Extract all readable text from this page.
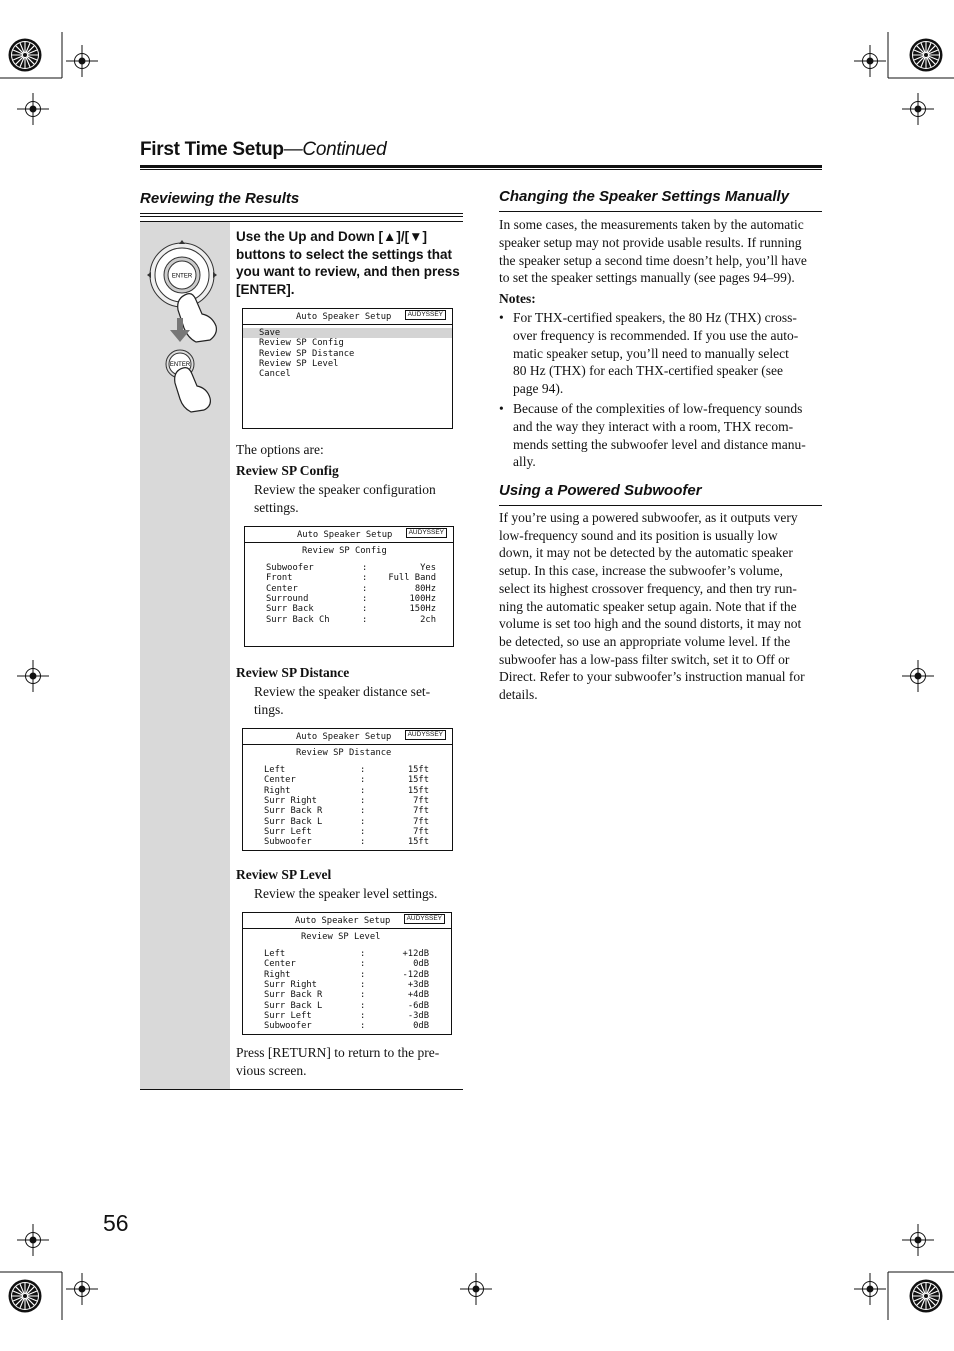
First Time Setup—Continued
Reviewing the Results
ENTER
ENTER
Use the Up and Down [▲]/[▼] buttons to select the settings that you want to review, and then press [ENTER].
Auto Speaker Setup	AUDYSSEY
Save
Review SP Config
Review SP Distance
Review SP Level
Cancel
The options are:
Review SP Config
Review the speaker configuration
settings.
Auto Speaker Setup	AUDYSSEY
Review SP Config
Subwoofer	:	Yes
Front	: Full Band
Center	:	80Hz
Surround	:	100Hz
Surr Back	:	150Hz
Surr Back Ch	:	2ch
Review SP Distance
Review the speaker distance set-
tings.
Auto Speaker Setup	AUDYSSEY
Review SP Distance
Left	:	15ft
Center	:	15ft
Right	:	15ft
Surr Right	:	7ft
Surr Back R	:	7ft
Surr Back L	:	7ft
Surr Left	:	7ft
Subwoofer	:	15ft
Review SP Level
Review the speaker level settings.
Auto Speaker Setup	AUDYSSEY
Review SP Level
Left	:	+12dB
Center	:	0dB
Right	:	-12dB
Surr Right	:	+3dB
Surr Back R	:	+4dB
Surr Back L	:	-6dB
Surr Left	:	-3dB
Subwoofer	:	0dB
Press [RETURN] to return to the pre-
vious screen.
Changing the Speaker Settings Manually
In some cases, the measurements taken by the automatic
speaker setup may not provide usable results. If running
the speaker setup a second time doesn’t help, you’ll have
to set the speaker settings manually (see pages 94–99).
Notes:
• For THX-certified speakers, the 80 Hz (THX) cross-
over frequency is recommended. If you use the auto-
matic speaker setup, you’ll need to manually select
80 Hz (THX) for each THX-certified speaker (see
page 94).
• Because of the complexities of low-frequency sounds
and the way they interact with a room, THX recom-
mends setting the subwoofer level and distance manu-
ally.
Using a Powered Subwoofer
If you’re using a powered subwoofer, as it outputs very
low-frequency sound and its position is usually low
down, it may not be detected by the automatic speaker
setup. In this case, increase the subwoofer’s volume,
select its highest crossover frequency, and then try run-
ning the automatic speaker setup again. Note that if the
volume is set too high and the sound distorts, it may not
be detected, so use an appropriate volume level. If the
subwoofer has a low-pass filter switch, set it to Off or
Direct. Refer to your subwoofer’s instruction manual for
details.
56
